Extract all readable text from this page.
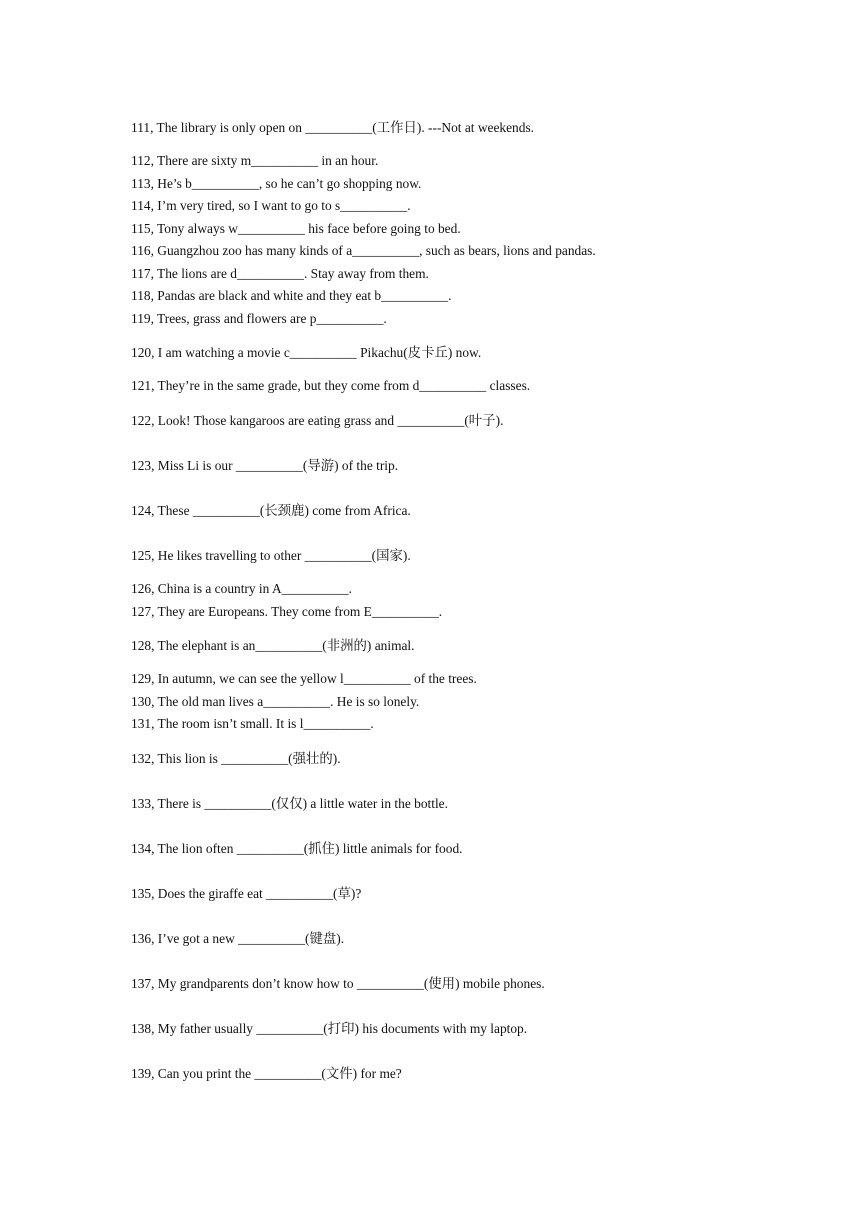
111, The library is only open on __________(工作日). ---Not at weekends.
112, There are sixty m__________ in an hour.
113, He’s b__________, so he can’t go shopping now.
114, I’m very tired, so I want to go to s__________.
115, Tony always w__________ his face before going to bed.
116, Guangzhou zoo has many kinds of a__________, such as bears, lions and pandas.
117, The lions are d__________. Stay away from them.
118, Pandas are black and white and they eat b__________.
119, Trees, grass and flowers are p__________.
120, I am watching a movie c__________ Pikachu(皮卡丘) now.
121, They’re in the same grade, but they come from d__________ classes.
122, Look! Those kangaroos are eating grass and __________(叶子).
123, Miss Li is our __________(导游) of the trip.
124, These __________(长颈鹿) come from Africa.
125, He likes travelling to other __________(国家).
126, China is a country in A__________.
127, They are Europeans. They come from E__________.
128, The elephant is an__________(非洲的) animal.
129, In autumn, we can see the yellow l__________ of the trees.
130, The old man lives a__________. He is so lonely.
131, The room isn’t small. It is l__________.
132, This lion is __________(强壮的).
133, There is __________(仅仅) a little water in the bottle.
134, The lion often __________(抓住) little animals for food.
135, Does the giraffe eat __________(草)?
136, I’ve got a new __________(键盘).
137, My grandparents don’t know how to __________(使用) mobile phones.
138, My father usually __________(打印) his documents with my laptop.
139, Can you print the __________(文件) for me?
